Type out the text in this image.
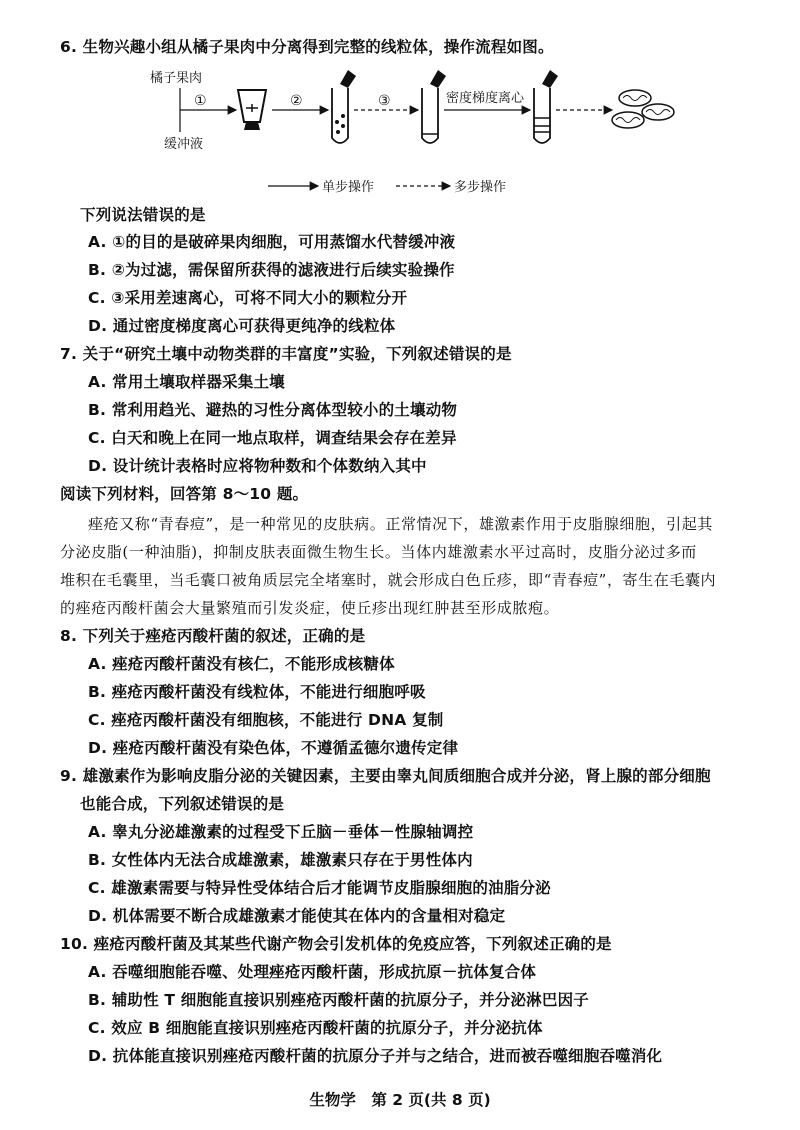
6. 生物兴趣小组从橘子果肉中分离得到完整的线粒体，操作流程如图。
橘子果肉
缓冲液
①	②	③	密度梯度离心
单步操作	多步操作
下列说法错误的是
A. ①的目的是破碎果肉细胞，可用蒸馏水代替缓冲液
B. ②为过滤，需保留所获得的滤液进行后续实验操作
C. ③采用差速离心，可将不同大小的颗粒分开
D. 通过密度梯度离心可获得更纯净的线粒体
7. 关于“研究土壤中动物类群的丰富度”实验，下列叙述错误的是
A. 常用土壤取样器采集土壤
B. 常利用趋光、避热的习性分离体型较小的土壤动物
C. 白天和晚上在同一地点取样，调查结果会存在差异
D. 设计统计表格时应将物种数和个体数纳入其中
阅读下列材料，回答第 8～10 题。
痤疮又称“青春痘”，是一种常见的皮肤病。正常情况下，雄激素作用于皮脂腺细胞，引起其
分泌皮脂(一种油脂)，抑制皮肤表面微生物生长。当体内雄激素水平过高时，皮脂分泌过多而
堆积在毛囊里，当毛囊口被角质层完全堵塞时，就会形成白色丘疹，即“青春痘”，寄生在毛囊内
的痤疮丙酸杆菌会大量繁殖而引发炎症，使丘疹出现红肿甚至形成脓疱。
8. 下列关于痤疮丙酸杆菌的叙述，正确的是
A. 痤疮丙酸杆菌没有核仁，不能形成核糖体
B. 痤疮丙酸杆菌没有线粒体，不能进行细胞呼吸
C. 痤疮丙酸杆菌没有细胞核，不能进行 DNA 复制
D. 痤疮丙酸杆菌没有染色体，不遵循孟德尔遗传定律
9. 雄激素作为影响皮脂分泌的关键因素，主要由睾丸间质细胞合成并分泌，肾上腺的部分细胞
也能合成，下列叙述错误的是
A. 睾丸分泌雄激素的过程受下丘脑－垂体－性腺轴调控
B. 女性体内无法合成雄激素，雄激素只存在于男性体内
C. 雄激素需要与特异性受体结合后才能调节皮脂腺细胞的油脂分泌
D. 机体需要不断合成雄激素才能使其在体内的含量相对稳定
10. 痤疮丙酸杆菌及其某些代谢产物会引发机体的免疫应答，下列叙述正确的是
A. 吞噬细胞能吞噬、处理痤疮丙酸杆菌，形成抗原－抗体复合体
B. 辅助性 T 细胞能直接识别痤疮丙酸杆菌的抗原分子，并分泌淋巴因子
C. 效应 B 细胞能直接识别痤疮丙酸杆菌的抗原分子，并分泌抗体
D. 抗体能直接识别痤疮丙酸杆菌的抗原分子并与之结合，进而被吞噬细胞吞噬消化
生物学　第 2 页(共 8 页)
